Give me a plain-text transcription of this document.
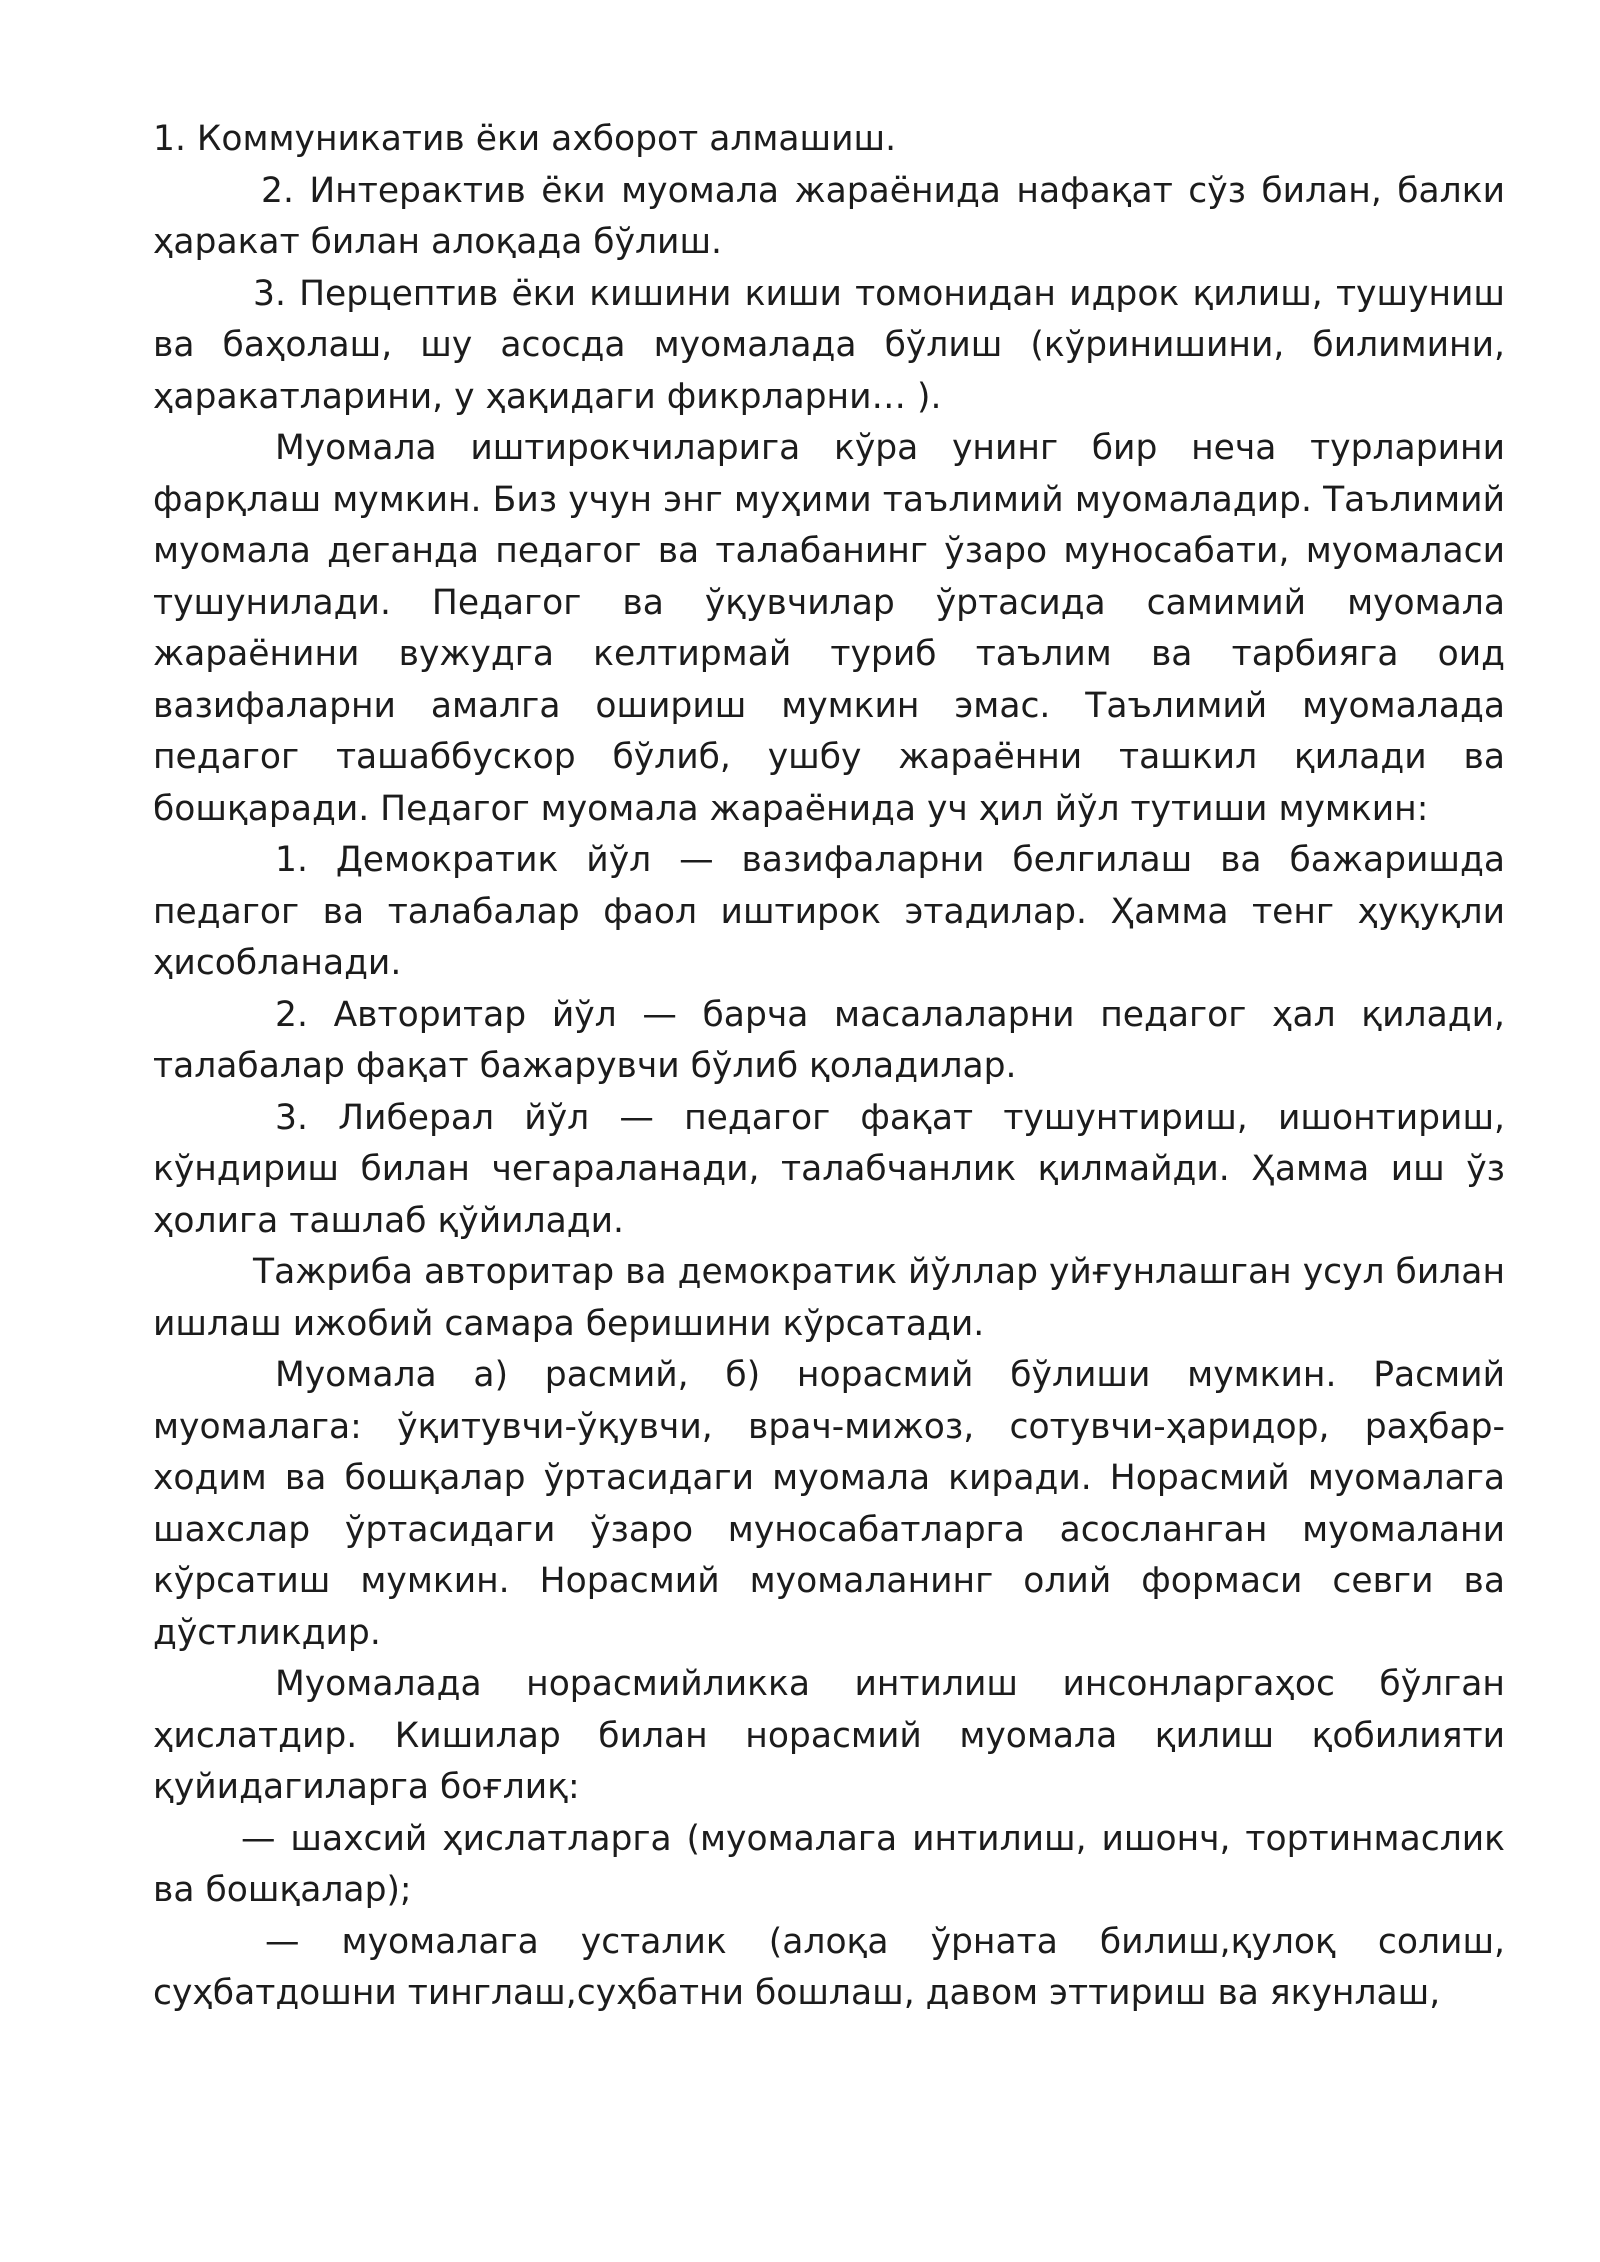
1. Коммуникатив ёки ахборот алмашиш.

2. Интерактив ёки муомала жараёнида нафақат сўз билан, балки ҳаракат билан алоқада бўлиш.

3. Перцептив ёки кишини киши томонидан идрок қилиш, тушуниш ва баҳолаш, шу асосда муомалада бўлиш (кўринишини, билимини, ҳаракатларини, у ҳақидаги фикрларни… ).

Муомала иштирокчиларига кўра унинг бир неча турларини фарқлаш мумкин. Биз учун энг муҳими таълимий муомаладир. Таълимий муомала деганда педагог ва талабанинг ўзаро муносабати, муомаласи тушунилади. Педагог ва ўқувчилар ўртасида самимий муомала жараёнини вужудга келтирмай туриб таълим ва тарбияга оид вазифаларни амалга ошириш мумкин эмас. Таълимий муомалада педагог ташаббускор бўлиб, ушбу жараённи ташкил қилади ва бошқаради. Педагог муомала жараёнида уч ҳил йўл тутиши мумкин:

1. Демократик йўл — вазифаларни белгилаш ва бажаришда педагог ва талабалар фаол иштирок этадилар. Ҳамма тенг ҳуқуқли ҳисобланади.

2. Авторитар йўл — барча масалаларни педагог ҳал қилади, талабалар фақат бажарувчи бўлиб қоладилар.

3. Либерал йўл — педагог фақат тушунтириш, ишонтириш, кўндириш билан чегараланади, талабчанлик қилмайди. Ҳамма иш ўз ҳолига ташлаб қўйилади.

Тажриба авторитар ва демократик йўллар уйғунлашган усул билан ишлаш ижобий самара беришини кўрсатади.

Муомала а) расмий, б) норасмий бўлиши мумкин. Расмий муомалага: ўқитувчи-ўқувчи, врач-мижоз, сотувчи-ҳаридор, раҳбар-ходим ва бошқалар ўртасидаги муомала киради. Норасмий муомалага шахслар ўртасидаги ўзаро муносабатларга асосланган муомалани кўрсатиш мумкин. Норасмий муомаланинг олий формаси севги ва дўстликдир.

Муомалада норасмийликка интилиш инсонларгаҳос бўлган ҳислатдир. Кишилар билан норасмий муомала қилиш қобилияти қуйидагиларга боғлиқ:

— шахсий ҳислатларга (муомалага интилиш, ишонч, тортинмаслик ва бошқалар);

— муомалага усталик (алоқа ўрната билиш,қулоқ солиш, суҳбатдошни тинглаш,суҳбатни бошлаш, давом эттириш ва якунлаш,
